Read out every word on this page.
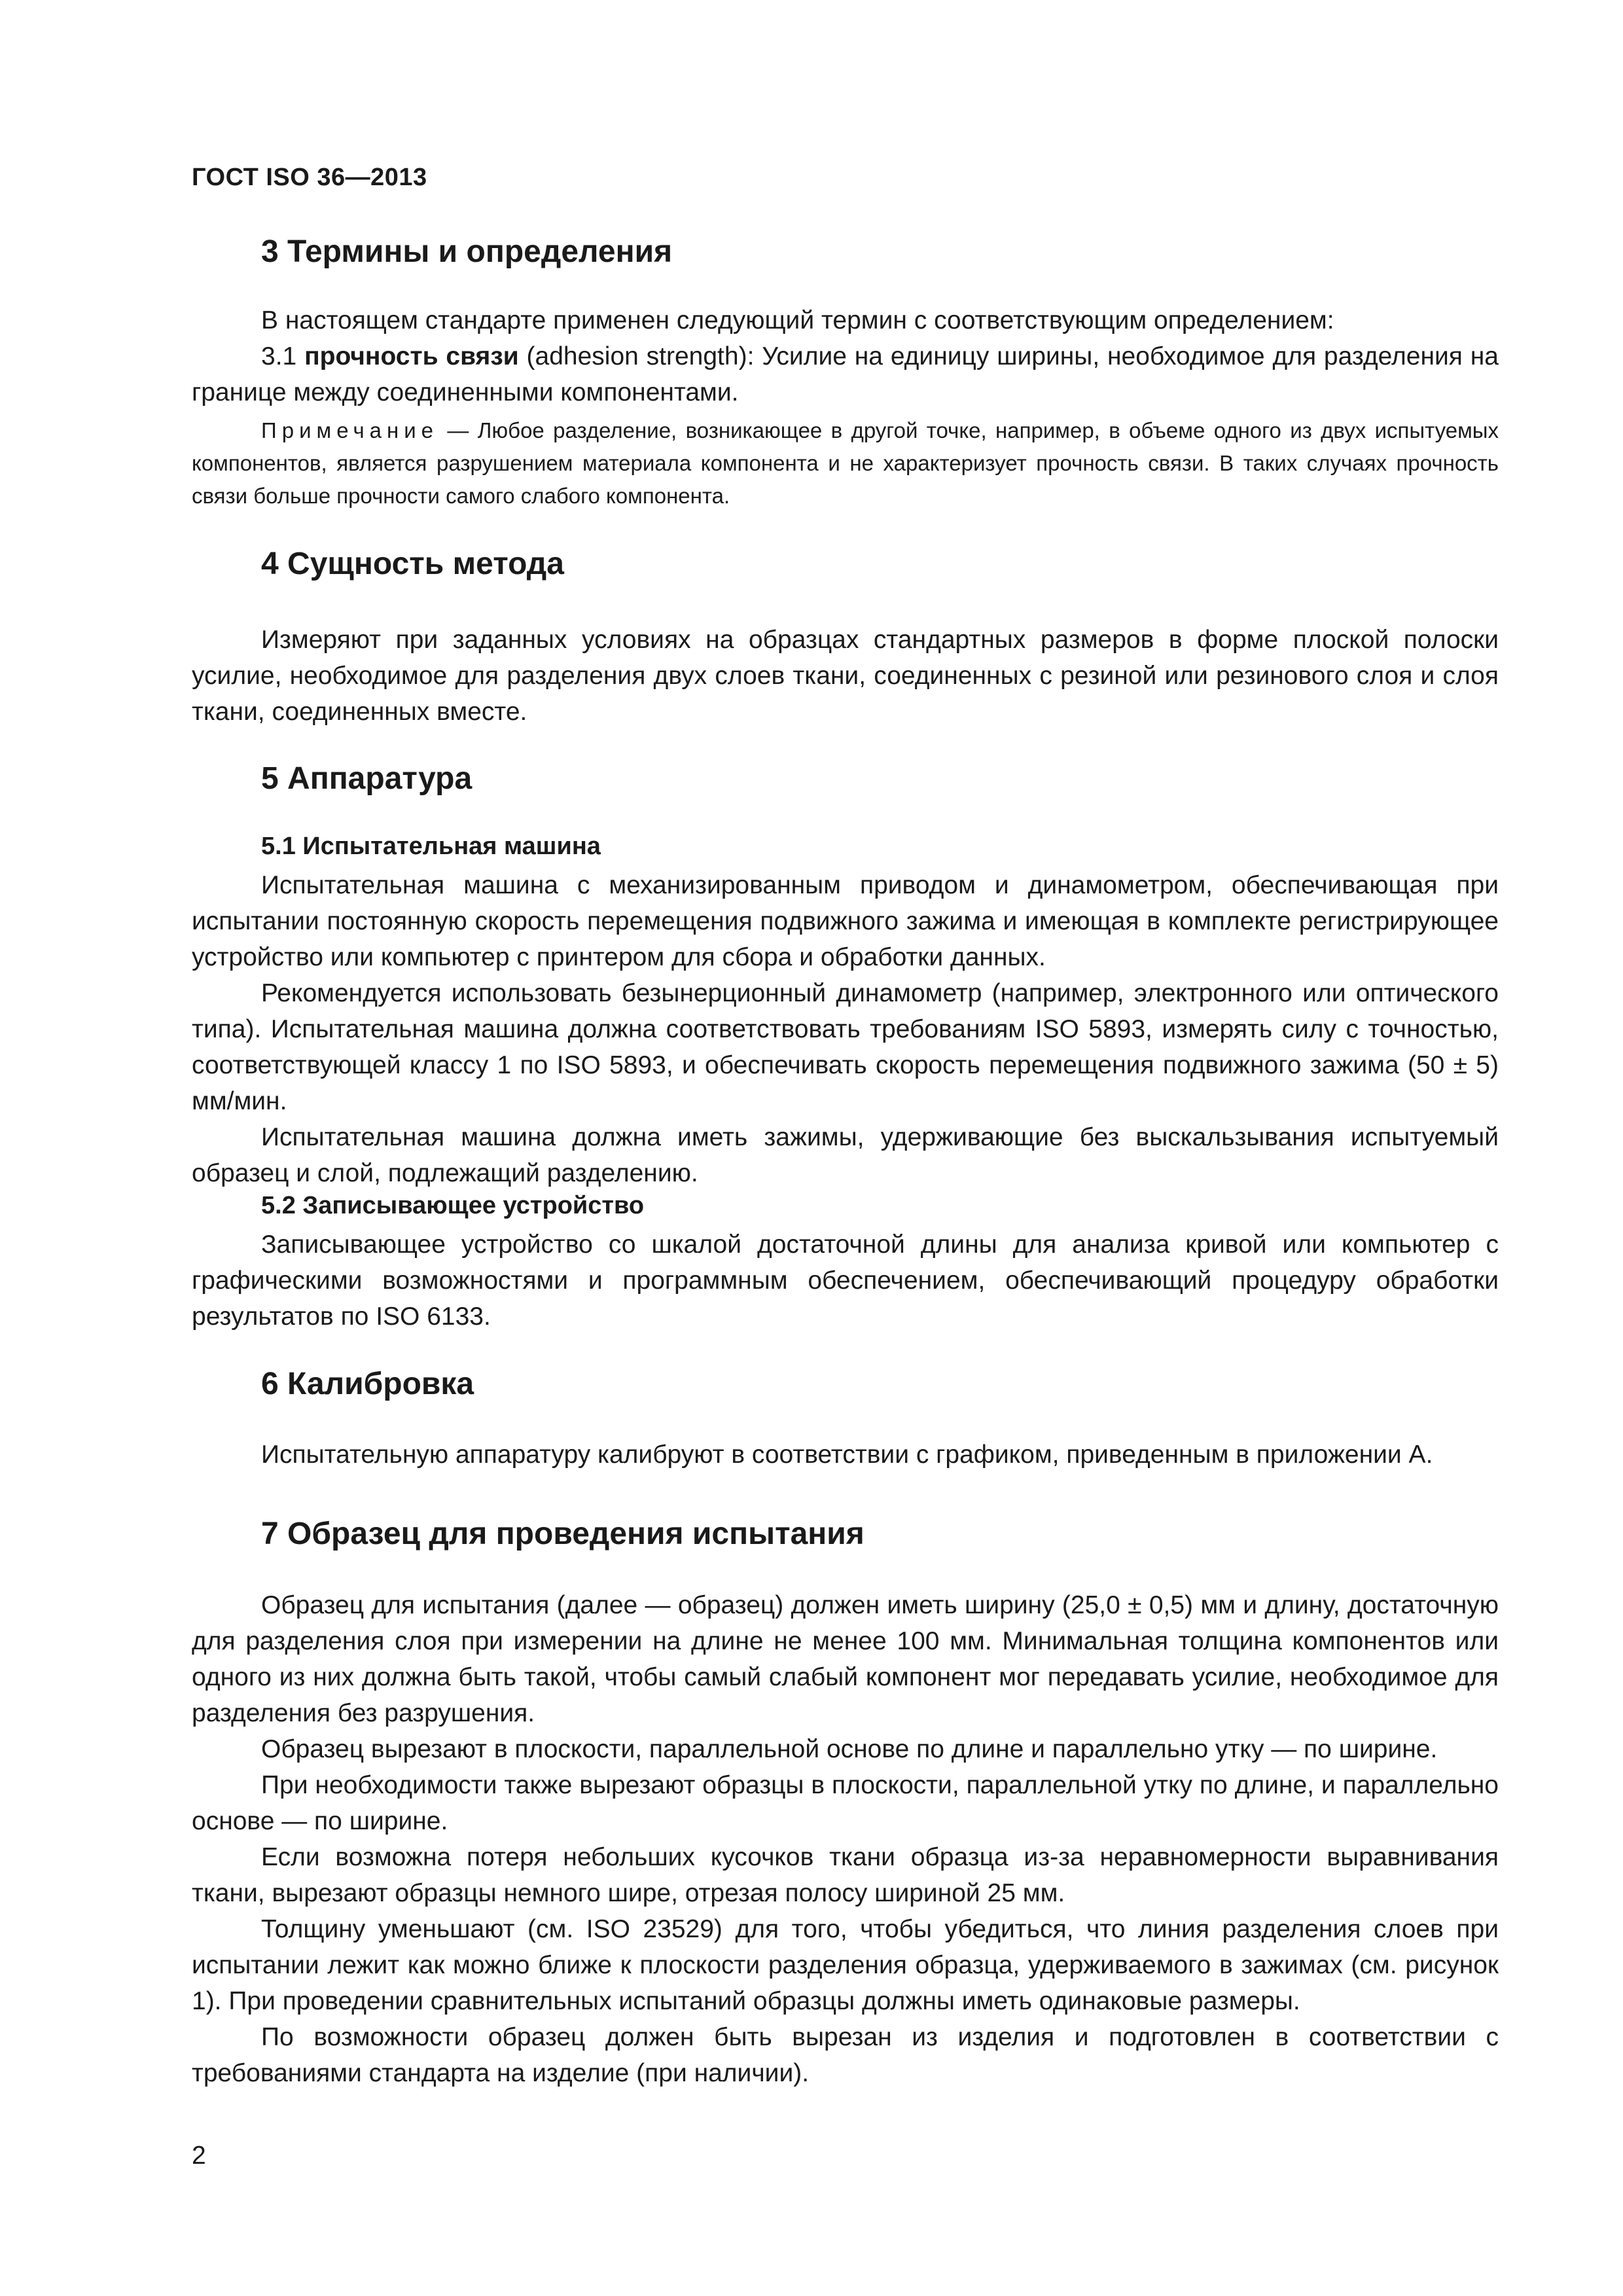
ГОСТ ISO 36—2013
3 Термины и определения

В настоящем стандарте применен следующий термин с соответствующим определением:

3.1 прочность связи (adhesion strength): Усилие на единицу ширины, необходимое для разделения на границе между соединенными компонентами.

Примечание — Любое разделение, возникающее в другой точке, например, в объеме одного из двух испытуемых компонентов, является разрушением материала компонента и не характеризует прочность связи. В таких случаях прочность связи больше прочности самого слабого компонента.

4 Сущность метода

Измеряют при заданных условиях на образцах стандартных размеров в форме плоской полоски усилие, необходимое для разделения двух слоев ткани, соединенных с резиной или резинового слоя и слоя ткани, соединенных вместе.

5 Аппаратура
5.1 Испытательная машина

Испытательная машина с механизированным приводом и динамометром, обеспечивающая при испытании постоянную скорость перемещения подвижного зажима и имеющая в комплекте регистрирующее устройство или компьютер с принтером для сбора и обработки данных.

Рекомендуется использовать безынерционный динамометр (например, электронного или оптического типа). Испытательная машина должна соответствовать требованиям ISO 5893, измерять силу с точностью, соответствующей классу 1 по ISO 5893, и обеспечивать скорость перемещения подвижного зажима (50 ± 5) мм/мин.

Испытательная машина должна иметь зажимы, удерживающие без выскальзывания испытуемый образец и слой, подлежащий разделению.

5.2 Записывающее устройство

Записывающее устройство со шкалой достаточной длины для анализа кривой или компьютер с графическими возможностями и программным обеспечением, обеспечивающий процедуру обработки результатов по ISO 6133.

6 Калибровка

Испытательную аппаратуру калибруют в соответствии с графиком, приведенным в приложении А.

7 Образец для проведения испытания

Образец для испытания (далее — образец) должен иметь ширину (25,0 ± 0,5) мм и длину, достаточную для разделения слоя при измерении на длине не менее 100 мм. Минимальная толщина компонентов или одного из них должна быть такой, чтобы самый слабый компонент мог передавать усилие, необходимое для разделения без разрушения.

Образец вырезают в плоскости, параллельной основе по длине и параллельно утку — по ширине.

При необходимости также вырезают образцы в плоскости, параллельной утку по длине, и параллельно основе — по ширине.

Если возможна потеря небольших кусочков ткани образца из-за неравномерности выравнивания ткани, вырезают образцы немного шире, отрезая полосу шириной 25 мм.

Толщину уменьшают (см. ISO 23529) для того, чтобы убедиться, что линия разделения слоев при испытании лежит как можно ближе к плоскости разделения образца, удерживаемого в зажимах (см. рисунок 1). При проведении сравнительных испытаний образцы должны иметь одинаковые размеры.

По возможности образец должен быть вырезан из изделия и подготовлен в соответствии с требованиями стандарта на изделие (при наличии).

2
